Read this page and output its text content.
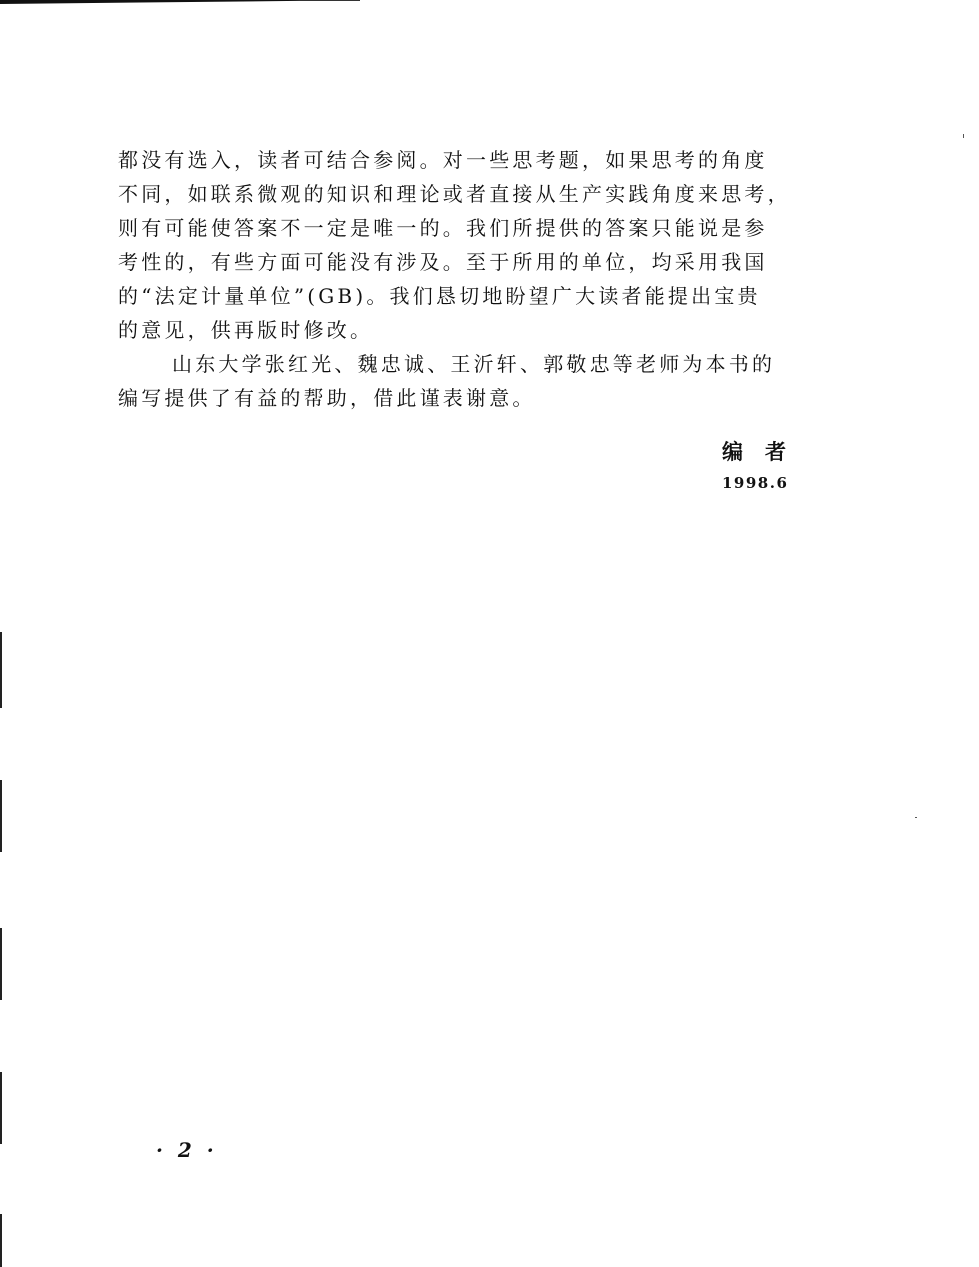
都没有选入，读者可结合参阅。对一些思考题，如果思考的角度
不同，如联系微观的知识和理论或者直接从生产实践角度来思考，
则有可能使答案不一定是唯一的。我们所提供的答案只能说是参
考性的，有些方面可能没有涉及。至于所用的单位，均采用我国
的“法定计量单位”(GB)。我们恳切地盼望广大读者能提出宝贵
的意见，供再版时修改。
山东大学张红光、魏忠诚、王沂轩、郭敬忠等老师为本书的
编写提供了有益的帮助，借此谨表谢意。
编者
1998.6
· 2 ·
